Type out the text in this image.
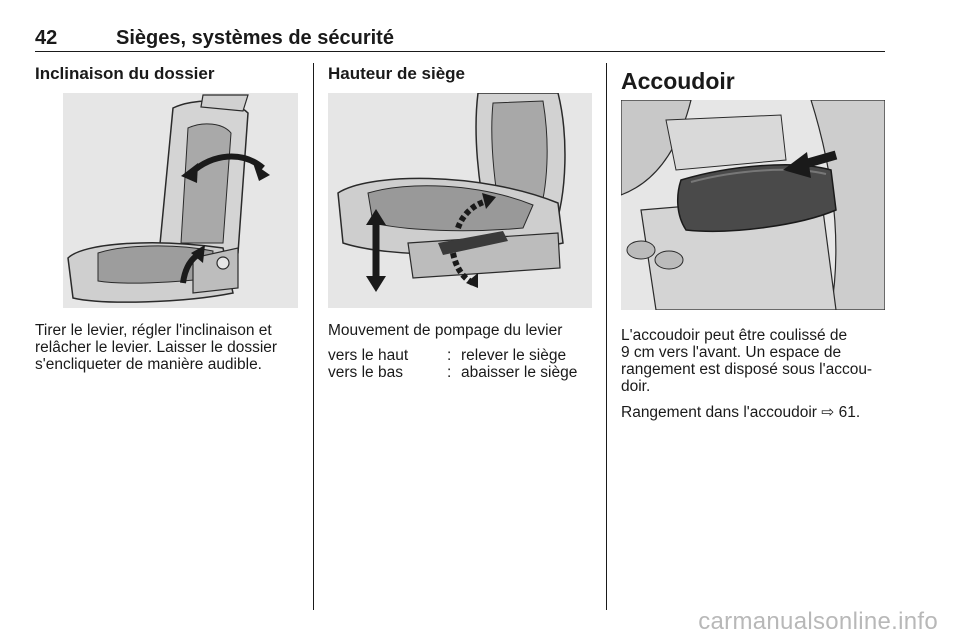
42	Sièges, systèmes de sécurité
Inclinaison du dossier
Tirer le levier, régler l'inclinaison et
relâcher le levier. Laisser le dossier
s'encliqueter de manière audible.
Hauteur de siège
Mouvement de pompage du levier
vers le haut	: relever le siège
vers le bas	: abaisser le siège
Accoudoir
L'accoudoir peut être coulissé de
9 cm vers l'avant. Un espace de
rangement est disposé sous l'accou-
doir.
Rangement dans l'accoudoir ⇨ 61.
carmanualsonline.info
